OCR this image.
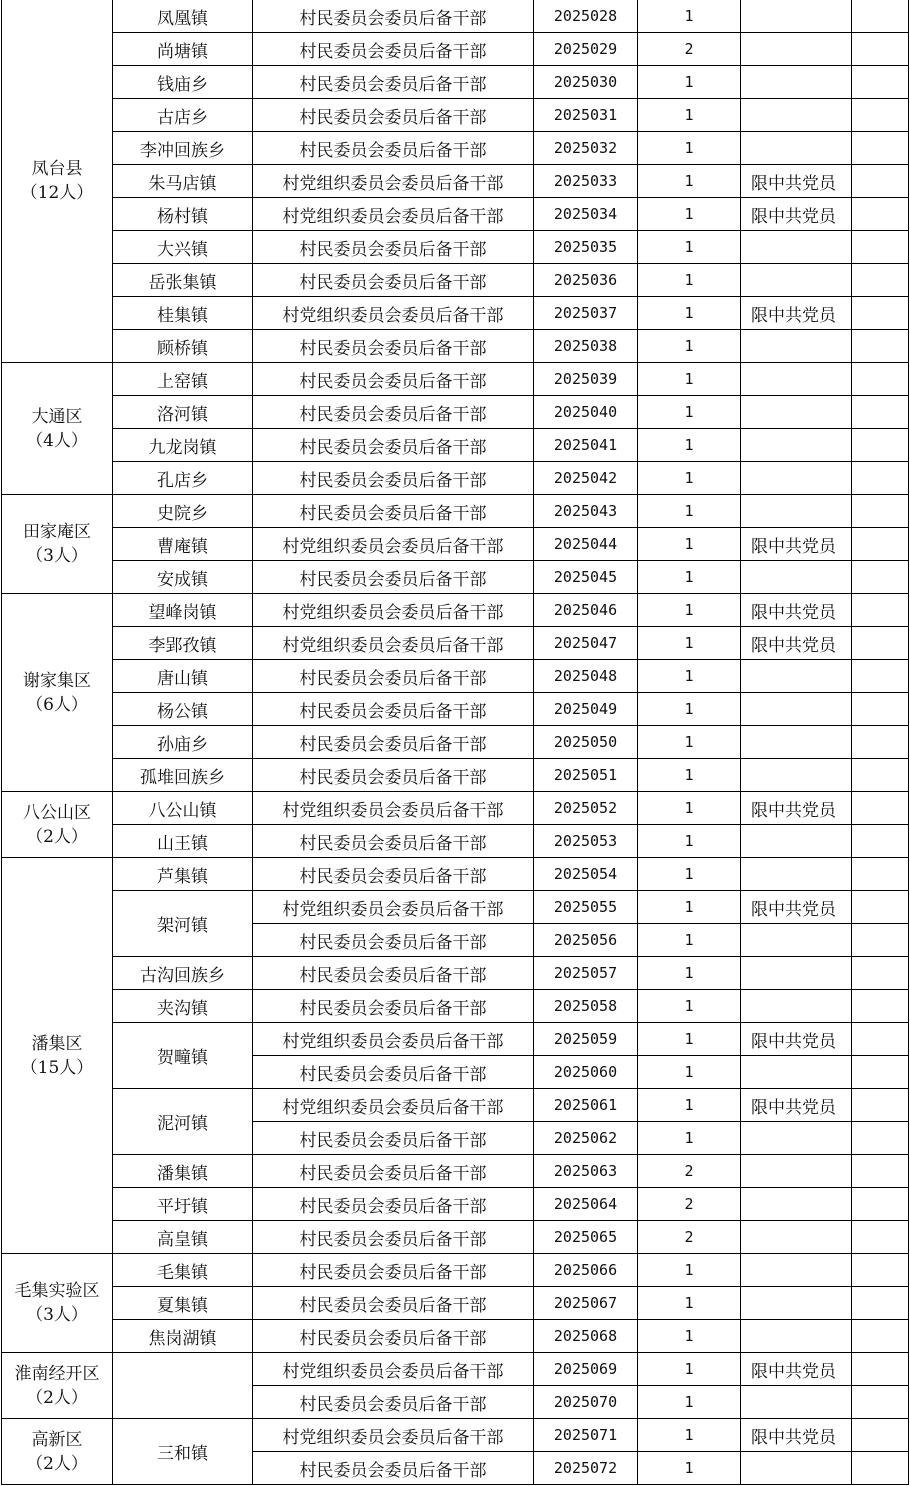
凤台县
（12人）	凤凰镇	村民委员会委员后备干部	2025028	1		
	尚塘镇	村民委员会委员后备干部	2025029	2		
	钱庙乡	村民委员会委员后备干部	2025030	1		
	古店乡	村民委员会委员后备干部	2025031	1		
	李冲回族乡	村民委员会委员后备干部	2025032	1		
	朱马店镇	村党组织委员会委员后备干部	2025033	1	限中共党员	
	杨村镇	村党组织委员会委员后备干部	2025034	1	限中共党员	
	大兴镇	村民委员会委员后备干部	2025035	1		
	岳张集镇	村民委员会委员后备干部	2025036	1		
	桂集镇	村党组织委员会委员后备干部	2025037	1	限中共党员	
	顾桥镇	村民委员会委员后备干部	2025038	1		

大通区
（4人）	上窑镇	村民委员会委员后备干部	2025039	1		
	洛河镇	村民委员会委员后备干部	2025040	1		
	九龙岗镇	村民委员会委员后备干部	2025041	1		
	孔店乡	村民委员会委员后备干部	2025042	1		

田家庵区
（3人）	史院乡	村民委员会委员后备干部	2025043	1		
	曹庵镇	村党组织委员会委员后备干部	2025044	1	限中共党员	
	安成镇	村民委员会委员后备干部	2025045	1		

谢家集区
（6人）	望峰岗镇	村党组织委员会委员后备干部	2025046	1	限中共党员	
	李郢孜镇	村党组织委员会委员后备干部	2025047	1	限中共党员	
	唐山镇	村民委员会委员后备干部	2025048	1		
	杨公镇	村民委员会委员后备干部	2025049	1		
	孙庙乡	村民委员会委员后备干部	2025050	1		
	孤堆回族乡	村民委员会委员后备干部	2025051	1		

八公山区
（2人）	八公山镇	村党组织委员会委员后备干部	2025052	1	限中共党员	
	山王镇	村民委员会委员后备干部	2025053	1		

潘集区
（15人）	芦集镇	村民委员会委员后备干部	2025054	1		
	架河镇	村党组织委员会委员后备干部	2025055	1	限中共党员	
		村民委员会委员后备干部	2025056	1		
	古沟回族乡	村民委员会委员后备干部	2025057	1		
	夹沟镇	村民委员会委员后备干部	2025058	1		
	贺疃镇	村党组织委员会委员后备干部	2025059	1	限中共党员	
		村民委员会委员后备干部	2025060	1		
	泥河镇	村党组织委员会委员后备干部	2025061	1	限中共党员	
		村民委员会委员后备干部	2025062	1		
	潘集镇	村民委员会委员后备干部	2025063	2		
	平圩镇	村民委员会委员后备干部	2025064	2		
	高皇镇	村民委员会委员后备干部	2025065	2		

毛集实验区
（3人）	毛集镇	村民委员会委员后备干部	2025066	1		
	夏集镇	村民委员会委员后备干部	2025067	1		
	焦岗湖镇	村民委员会委员后备干部	2025068	1		

淮南经开区
（2人）		村党组织委员会委员后备干部	2025069	1	限中共党员	
		村民委员会委员后备干部	2025070	1		

高新区
（2人）	三和镇	村党组织委员会委员后备干部	2025071	1	限中共党员	
		村民委员会委员后备干部	2025072	1		
